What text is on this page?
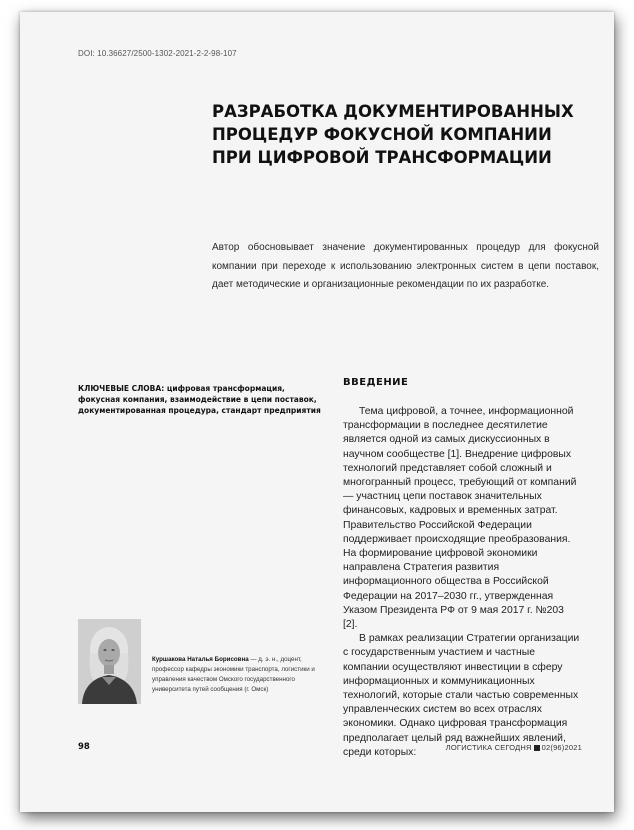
DOI: 10.36627/2500-1302-2021-2-2-98-107
РАЗРАБОТКА ДОКУМЕНТИРОВАННЫХ
ПРОЦЕДУР ФОКУСНОЙ КОМПАНИИ
ПРИ ЦИФРОВОЙ ТРАНСФОРМАЦИИ

Автор обосновывает значение документированных процедур для фокусной компании при переходе к использованию электронных систем в цепи поставок, дает методические и организационные рекомендации по их разработке.

КЛЮЧЕВЫЕ СЛОВА: цифровая трансформация, фокусная компания, взаимодействие в цепи поставок, документированная процедура, стандарт предприятия
ВВЕДЕНИЕ

Тема цифровой, а точнее, информационной трансформации в последнее десятилетие является одной из самых дискуссионных в научном сообществе [1]. Внедрение цифровых технологий представляет собой сложный и многогранный процесс, требующий от компаний — участниц цепи поставок значительных финансовых, кадровых и временных затрат. Правительство Российской Федерации поддерживает происходящие преобразования. На формирование цифровой экономики направлена Стратегия развития информационного общества в Российской Федерации на 2017–2030 гг., утвержденная Указом Президента РФ от 9 мая 2017 г. №203 [2].

В рамках реализации Стратегии организации с государственным участием и частные компании осуществляют инвестиции в сферу информационных и коммуникационных технологий, которые стали частью современных управленческих систем во всех отраслях экономики. Однако цифровая трансформация предполагает целый ряд важнейших явлений, среди которых:

Куршакова Наталья Борисовна — д. э. н., доцент, профессор кафедры экономики транспорта, логистики и управления качеством Омского государственного университета путей сообщения (г. Омск)
98	ЛОГИСТИКА СЕГОДНЯ 02(96)2021
